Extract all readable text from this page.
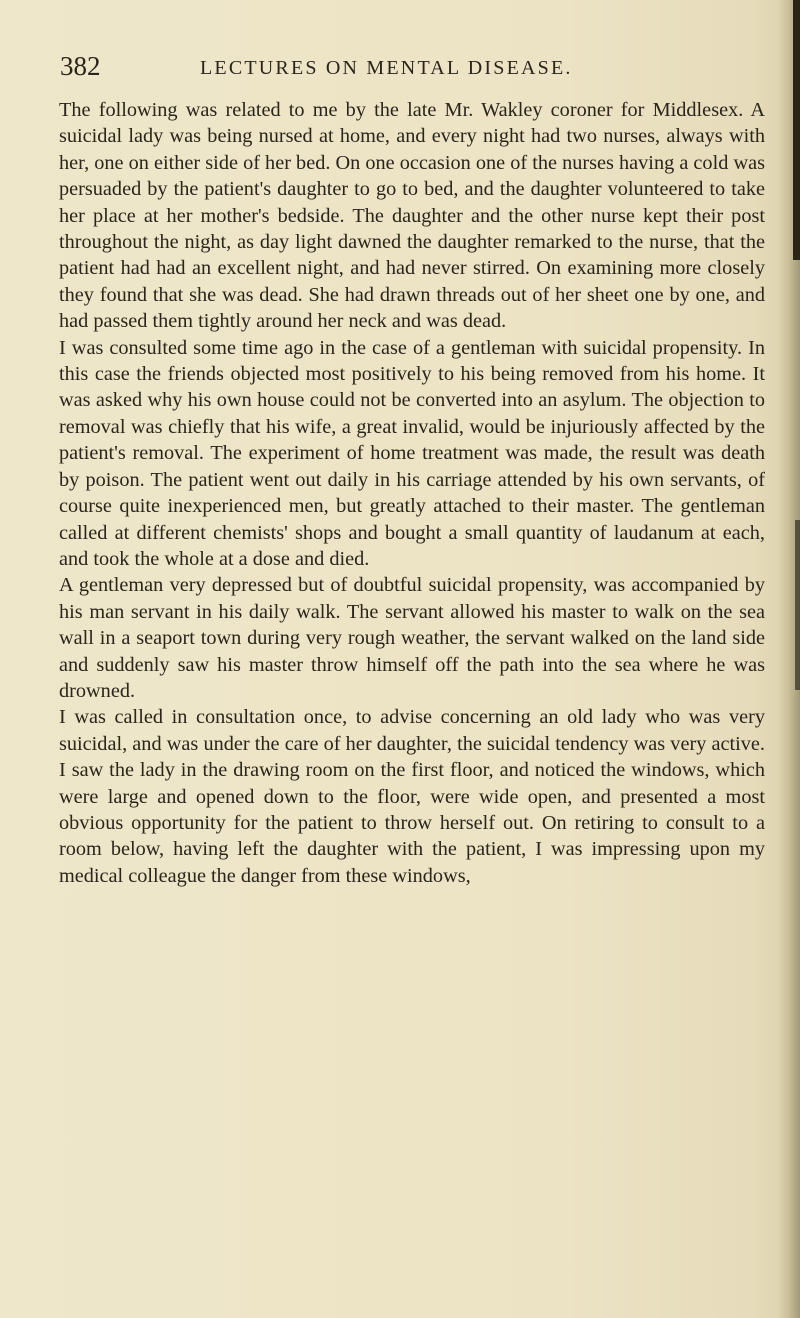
382	LECTURES ON MENTAL DISEASE.

The following was related to me by the late Mr. Wakley coroner for Middlesex. A suicidal lady was being nursed at home, and every night had two nurses, always with her, one on either side of her bed. On one occasion one of the nurses having a cold was persuaded by the patient's daughter to go to bed, and the daughter volunteered to take her place at her mother's bedside. The daughter and the other nurse kept their post throughout the night, as day light dawned the daughter remarked to the nurse, that the patient had had an excellent night, and had never stirred. On examining more closely they found that she was dead. She had drawn threads out of her sheet one by one, and had passed them tightly around her neck and was dead.

I was consulted some time ago in the case of a gentleman with suicidal propensity. In this case the friends objected most positively to his being removed from his home. It was asked why his own house could not be converted into an asylum. The objection to removal was chiefly that his wife, a great invalid, would be injuriously affected by the patient's removal. The experiment of home treatment was made, the result was death by poison. The patient went out daily in his carriage attended by his own servants, of course quite inexperienced men, but greatly attached to their master. The gentleman called at different chemists' shops and bought a small quantity of laudanum at each, and took the whole at a dose and died.

A gentleman very depressed but of doubtful suicidal propensity, was accompanied by his man servant in his daily walk. The servant allowed his master to walk on the sea wall in a seaport town during very rough weather, the servant walked on the land side and suddenly saw his master throw himself off the path into the sea where he was drowned.

I was called in consultation once, to advise concerning an old lady who was very suicidal, and was under the care of her daughter, the suicidal tendency was very active. I saw the lady in the drawing room on the first floor, and noticed the windows, which were large and opened down to the floor, were wide open, and presented a most obvious opportunity for the patient to throw herself out. On retiring to consult to a room below, having left the daughter with the patient, I was impressing upon my medical colleague the danger from these windows,
